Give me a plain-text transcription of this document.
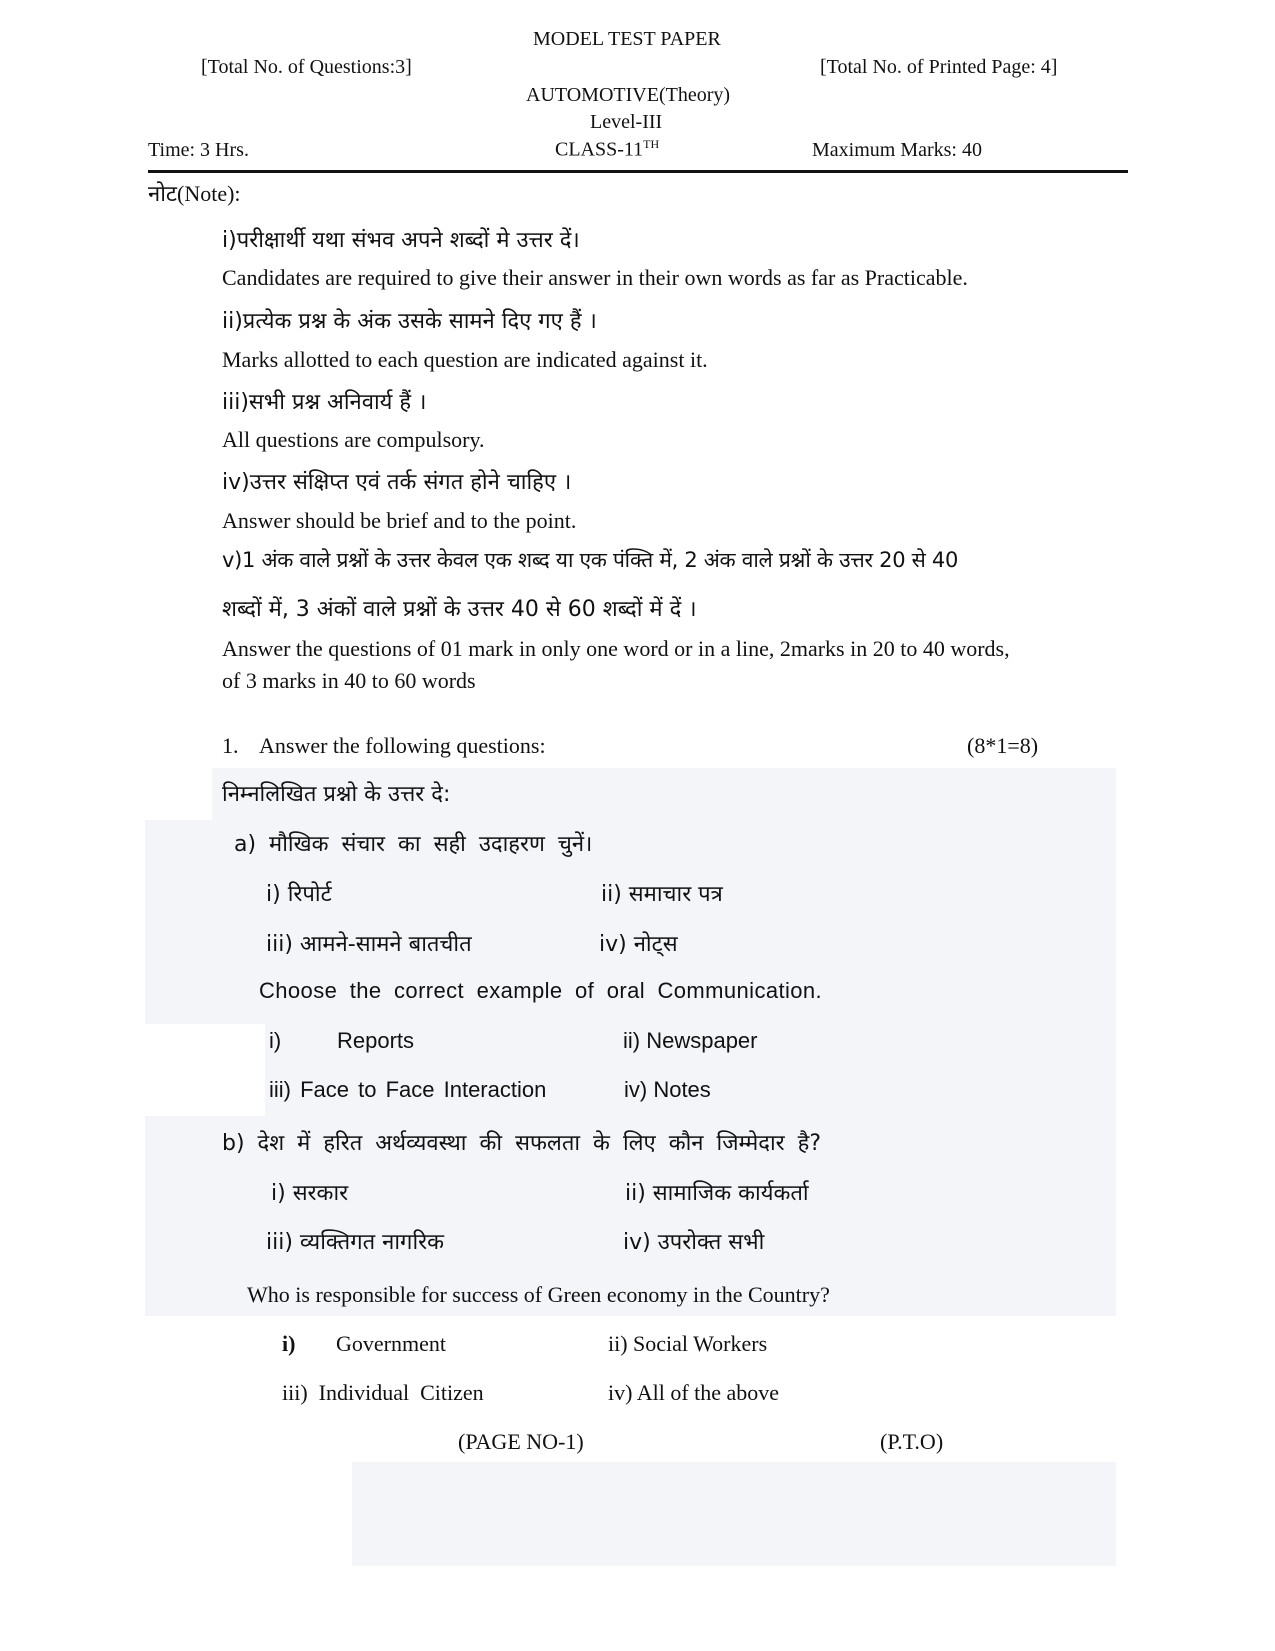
MODEL TEST PAPER
[Total No. of Questions:3]	[Total No. of Printed Page: 4]
AUTOMOTIVE(Theory)
Level-III
Time: 3 Hrs.	CLASS-11TH	Maximum Marks: 40
नोट(Note):
i)परीक्षार्थी यथा संभव अपने शब्दों मे उत्तर दें।
Candidates are required to give their answer in their own words as far as Practicable.
ii)प्रत्येक प्रश्न के अंक उसके सामने दिए गए हैं ।
Marks allotted to each question are indicated against it.
iii)सभी प्रश्न अनिवार्य हैं ।
All questions are compulsory.
iv)उत्तर संक्षिप्त एवं तर्क संगत होने चाहिए ।
Answer should be brief and to the point.
v)1 अंक वाले प्रश्नों के उत्तर केवल एक शब्द या एक पंक्ति में, 2 अंक वाले प्रश्नों के उत्तर 20 से 40
शब्दों में, 3 अंकों वाले प्रश्नों के उत्तर 40 से 60 शब्दों में दें ।
Answer the questions of 01 mark in only one word or in a line, 2marks in 20 to 40 words,
of 3 marks in 40 to 60 words
1. Answer the following questions:	(8*1=8)
निम्नलिखित प्रश्नो के उत्तर दे:
a) मौखिक संचार का सही उदाहरण चुनें।
i) रिपोर्ट	ii) समाचार पत्र
iii) आमने-सामने बातचीत	iv) नोट्स
Choose the correct example of oral Communication.
i)	Reports	ii) Newspaper
iii) Face to Face Interaction	iv) Notes
b) देश में हरित अर्थव्यवस्था की सफलता के लिए कौन जिम्मेदार है?
i) सरकार	ii) सामाजिक कार्यकर्ता
iii) व्यक्तिगत नागरिक	iv) उपरोक्त सभी
Who is responsible for success of Green economy in the Country?
i) Government	ii) Social Workers
iii)  Individual  Citizen	iv) All of the above
(PAGE NO-1)	(P.T.O)
